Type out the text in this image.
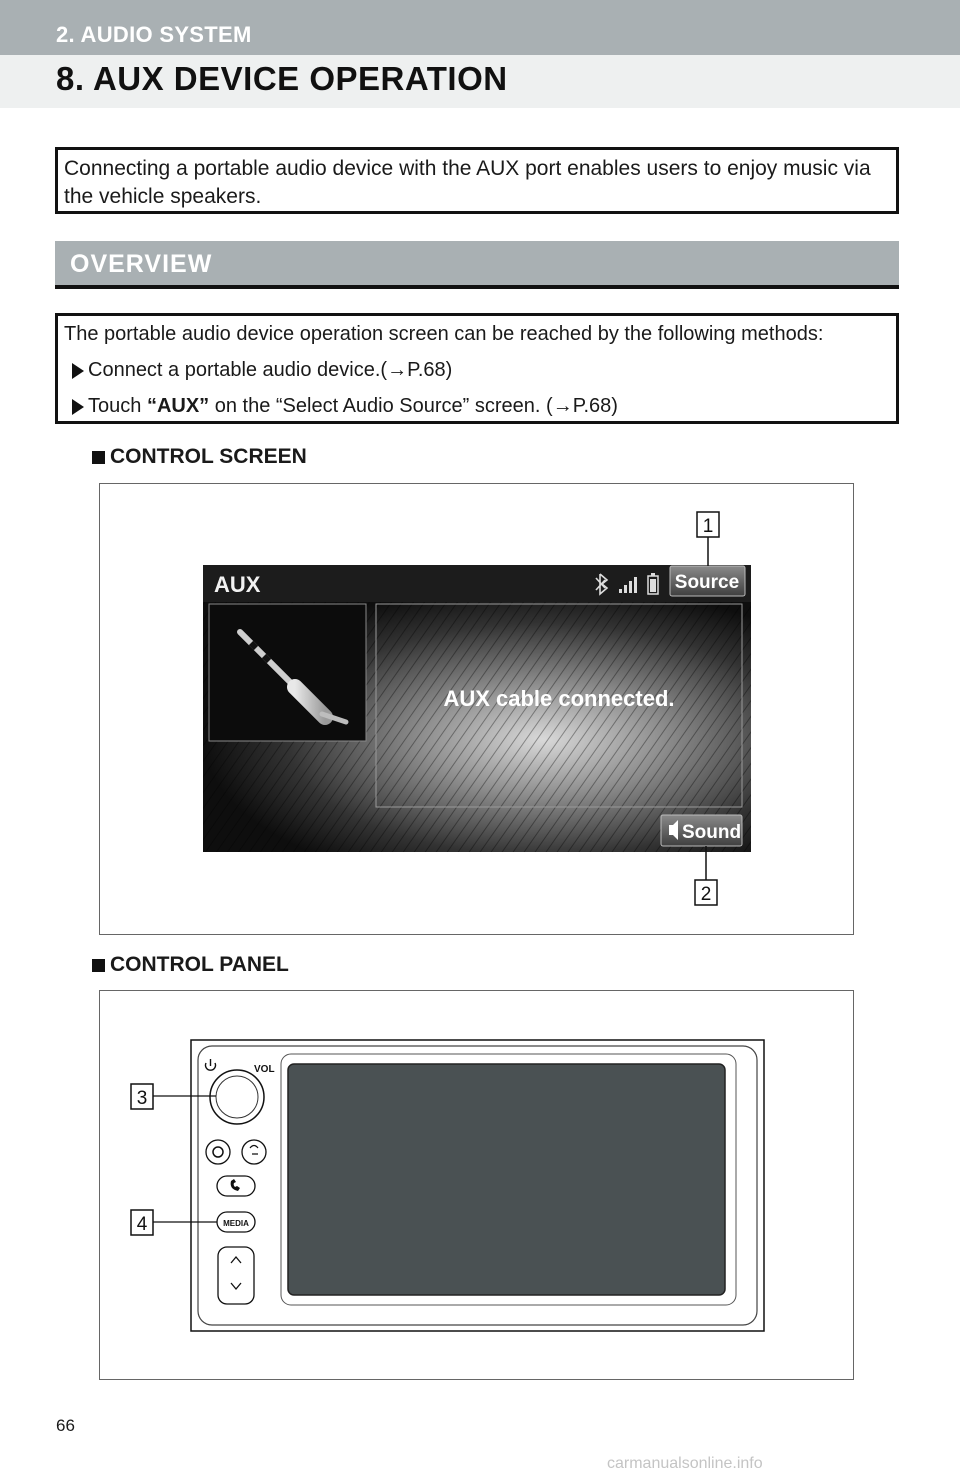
2. AUDIO SYSTEM
8. AUX DEVICE OPERATION
Connecting a portable audio device with the AUX port enables users to enjoy music via the vehicle speakers.
OVERVIEW
The portable audio device operation screen can be reached by the following methods:
Connect a portable audio device.(→P.68)
Touch “AUX” on the “Select Audio Source” screen. (→P.68)
CONTROL SCREEN
AUX	Source
AUX cable connected.
Sound
1
2
CONTROL PANEL
VOL
MEDIA
3
4
66
carmanualsonline.info
